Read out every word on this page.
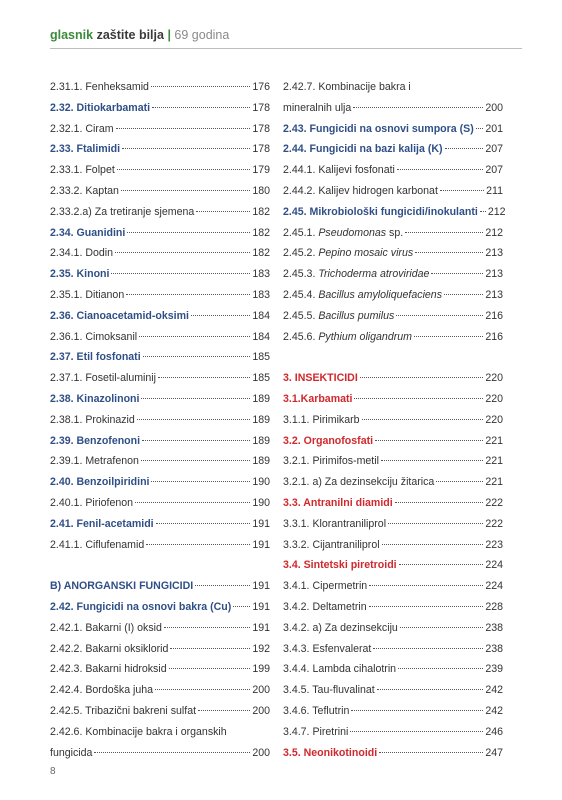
glasnik zaštite bilja | 69 godina
2.31.1. Fenheksamid	176
2.32. Ditiokarbamati	178
2.32.1. Ciram	178
2.33. Ftalimidi	178
2.33.1. Folpet	179
2.33.2. Kaptan	180
2.33.2.a) Za tretiranje sjemena	182
2.34. Guanidini	182
2.34.1. Dodin	182
2.35. Kinoni	183
2.35.1. Ditianon	183
2.36. Cianoacetamid-oksimi	184
2.36.1. Cimoksanil	184
2.37. Etil fosfonati	185
2.37.1. Fosetil-aluminij	185
2.38. Kinazolinoni	189
2.38.1. Prokinazid	189
2.39. Benzofenoni	189
2.39.1. Metrafenon	189
2.40. Benzoilpiridini	190
2.40.1. Piriofenon	190
2.41. Fenil-acetamidi	191
2.41.1. Ciflufenamid	191
B) ANORGANSKI FUNGICIDI	191
2.42. Fungicidi na osnovi bakra (Cu) 191
2.42.1. Bakarni (I) oksid	191
2.42.2. Bakarni oksiklorid	192
2.42.3. Bakarni hidroksid	199
2.42.4. Bordoška juha	200
2.42.5. Tribazični bakreni sulfat	200
2.42.6. Kombinacije bakra i organskih
fungicida	200
2.42.7. Kombinacije bakra i
mineralnih ulja	200
2.43. Fungicidi na osnovi sumpora (S) 201
2.44. Fungicidi na bazi kalija (K)	207
2.44.1. Kalijevi fosfonati	207
2.44.2. Kalijev hidrogen karbonat	211
2.45. Mikrobiološki fungicidi/inokulanti 212
2.45.1. Pseudomonas sp.	212
2.45.2. Pepino mosaic virus	213
2.45.3. Trichoderma atroviridae	213
2.45.4. Bacillus amyloliquefaciens	213
2.45.5. Bacillus pumilus	216
2.45.6. Pythium oligandrum	216
3. INSEKTICIDI	220
3.1.Karbamati	220
3.1.1. Pirimikarb	220
3.2. Organofosfati	221
3.2.1. Pirimifos-metil	221
3.2.1. a) Za dezinsekciju žitarica	221
3.3. Antranilni diamidi	222
3.3.1. Klorantraniliprol	222
3.3.2. Cijantraniliprol	223
3.4. Sintetski piretroidi	224
3.4.1. Cipermetrin	224
3.4.2. Deltametrin	228
3.4.2. a) Za dezinsekciju	238
3.4.3. Esfenvalerat	238
3.4.4. Lambda cihalotrin	239
3.4.5. Tau-fluvalinat	242
3.4.6. Teflutrin	242
3.4.7. Piretrini	246
3.5. Neonikotinoidi	247
8
